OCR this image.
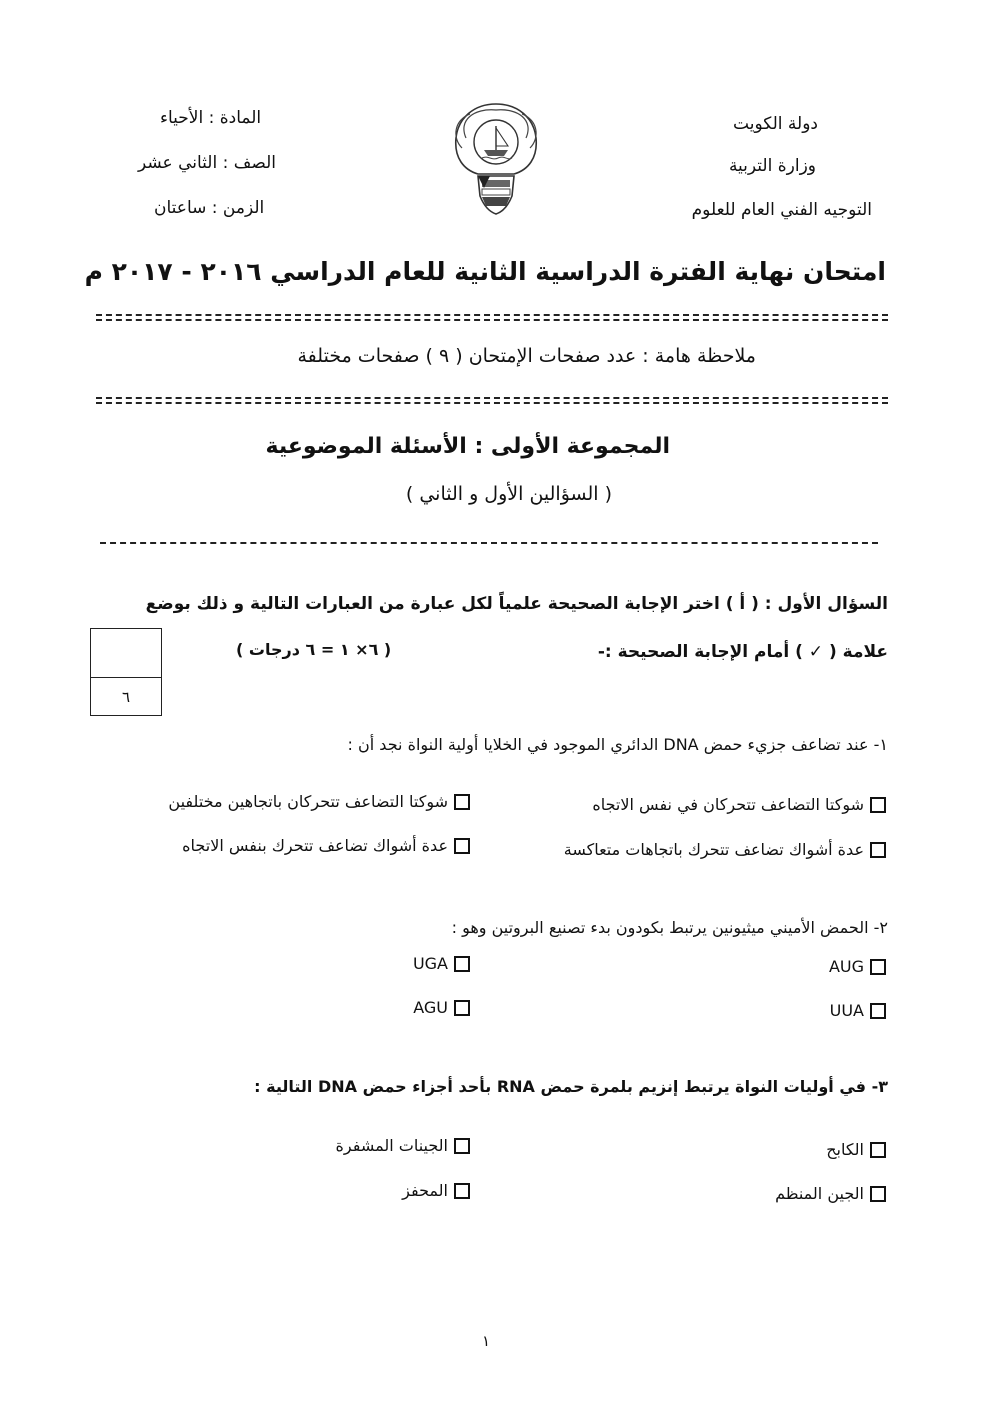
دولة الكويت
وزارة التربية
التوجيه الفني العام للعلوم
المادة : الأحياء
الصف : الثاني عشر
الزمن : ساعتان
امتحان نهاية الفترة الدراسية الثانية للعام الدراسي ٢٠١٦ - ٢٠١٧ م
ملاحظة هامة : عدد صفحات الإمتحان ( ٩ ) صفحات مختلفة
المجموعة الأولى : الأسئلة الموضوعية
( السؤالين الأول و الثاني )
السؤال الأول : ( أ ) اختر الإجابة الصحيحة علمياً لكل عبارة من العبارات التالية و ذلك بوضع
علامة ( ✓ ) أمام الإجابة الصحيحة :-
( ٦× ١ = ٦ درجات )
٦
١- عند تضاعف جزيء حمض DNA الدائري الموجود في الخلايا أولية النواة نجد أن :
شوكتا التضاعف تتحركان في نفس الاتجاه
شوكتا التضاعف تتحركان باتجاهين مختلفين
عدة أشواك تضاعف تتحرك باتجاهات متعاكسة
عدة أشواك تضاعف تتحرك بنفس الاتجاه
٢- الحمض الأميني ميثيونين يرتبط بكودون بدء تصنيع البروتين وهو :
AUG
UGA
UUA
AGU
٣- في أوليات النواة يرتبط إنزيم بلمرة حمض RNA بأحد أجزاء حمض DNA التالية :
الكابح
الجينات المشفرة
الجين المنظم
المحفز
١
